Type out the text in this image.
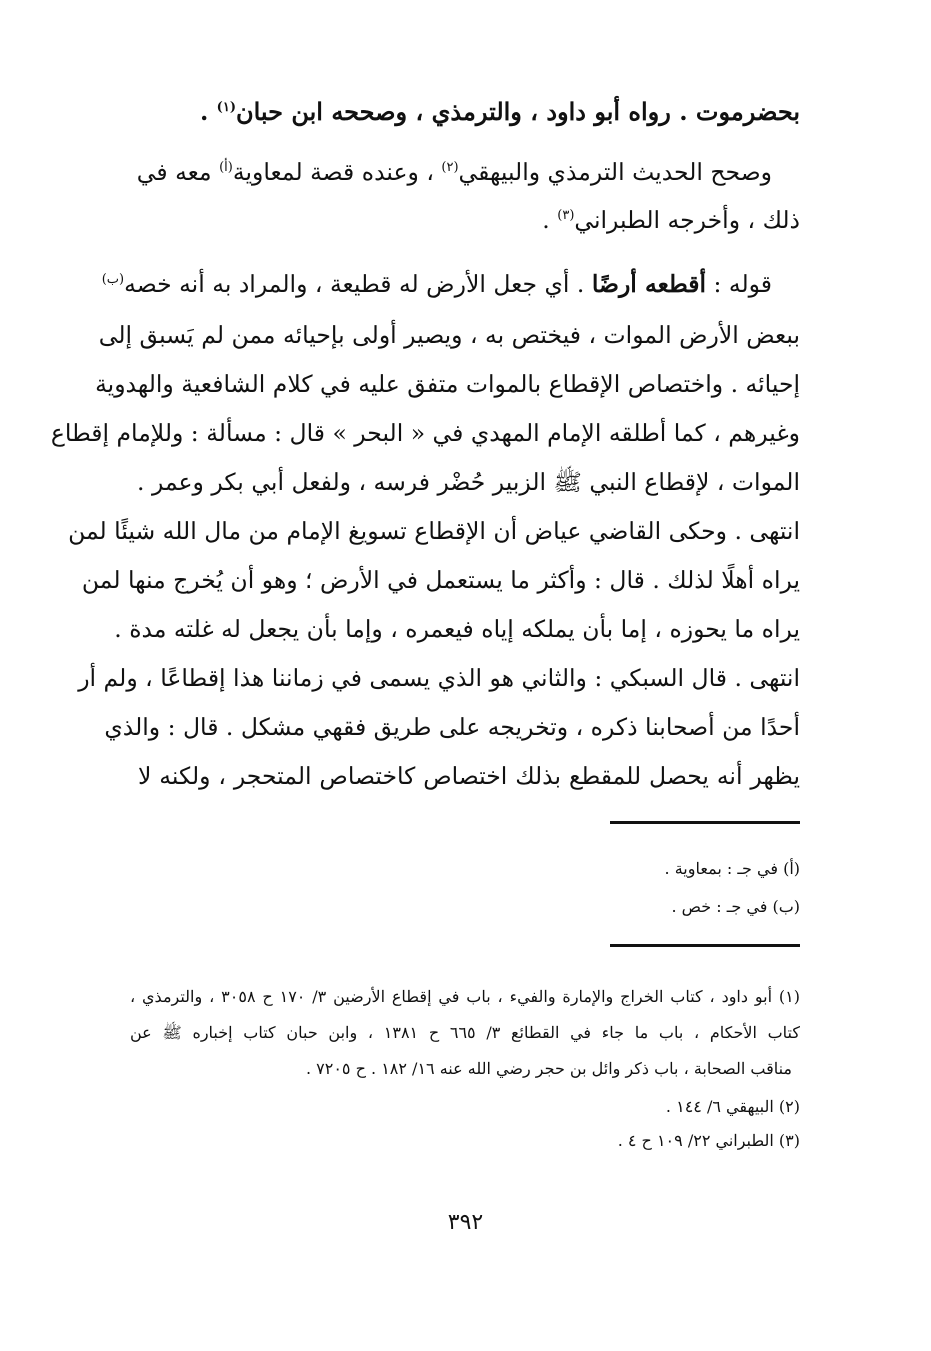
بحضرموت . رواه أبو داود ، والترمذي ، وصححه ابن حبان$^{(١)}$ .
وصحح الحديث الترمذي والبيهقي$^{(٢)}$ ، وعنده قصة لمعاوية$^{(أ)}$ معه في
ذلك ، وأخرجه الطبراني$^{(٣)}$ .
قوله : أقطعه أرضًا . أي جعل الأرض له قطيعة ، والمراد به أنه خصه$^{(ب)}$
ببعض الأرض الموات ، فيختص به ، ويصير أولى بإحيائه ممن لم يَسبق إلى
إحيائه . واختصاص الإقطاع بالموات متفق عليه في كلام الشافعية والهدوية
وغيرهم ، كما أطلقه الإمام المهدي في « البحر » قال : مسألة : وللإمام إقطاع
الموات ، لإقطاع النبي ﷺ الزبير حُضْر فرسه ، ولفعل أبي بكر وعمر .
انتهى . وحكى القاضي عياض أن الإقطاع تسويغ الإمام من مال الله شيئًا لمن
يراه أهلًا لذلك . قال : وأكثر ما يستعمل في الأرض ؛ وهو أن يُخرج منها لمن
يراه ما يحوزه ، إما بأن يملكه إياه فيعمره ، وإما بأن يجعل له غلته مدة .
انتهى . قال السبكي : والثاني هو الذي يسمى في زماننا هذا إقطاعًا ، ولم أر
أحدًا من أصحابنا ذكره ، وتخريجه على طريق فقهي مشكل . قال : والذي
يظهر أنه يحصل للمقطع بذلك اختصاص كاختصاص المتحجر ، ولكنه لا
(أ) في جـ : بمعاوية .
(ب) في جـ : خص .
(١) أبو داود ، كتاب الخراج والإمارة والفيء ، باب في إقطاع الأرضين ٣/ ١٧٠ ح ٣٠٥٨ ، والترمذي ،
كتاب الأحكام ، باب ما جاء في القطائع ٣/ ٦٦٥ ح ١٣٨١ ، وابن حبان كتاب إخباره ﷺ عن
مناقب الصحابة ، باب ذكر وائل بن حجر رضي الله عنه ١٦/ ١٨٢ . ح ٧٢٠٥ .
(٢) البيهقي ٦/ ١٤٤ .
(٣) الطبراني ٢٢/ ١٠٩ ح ٤ .
٣٩٢
